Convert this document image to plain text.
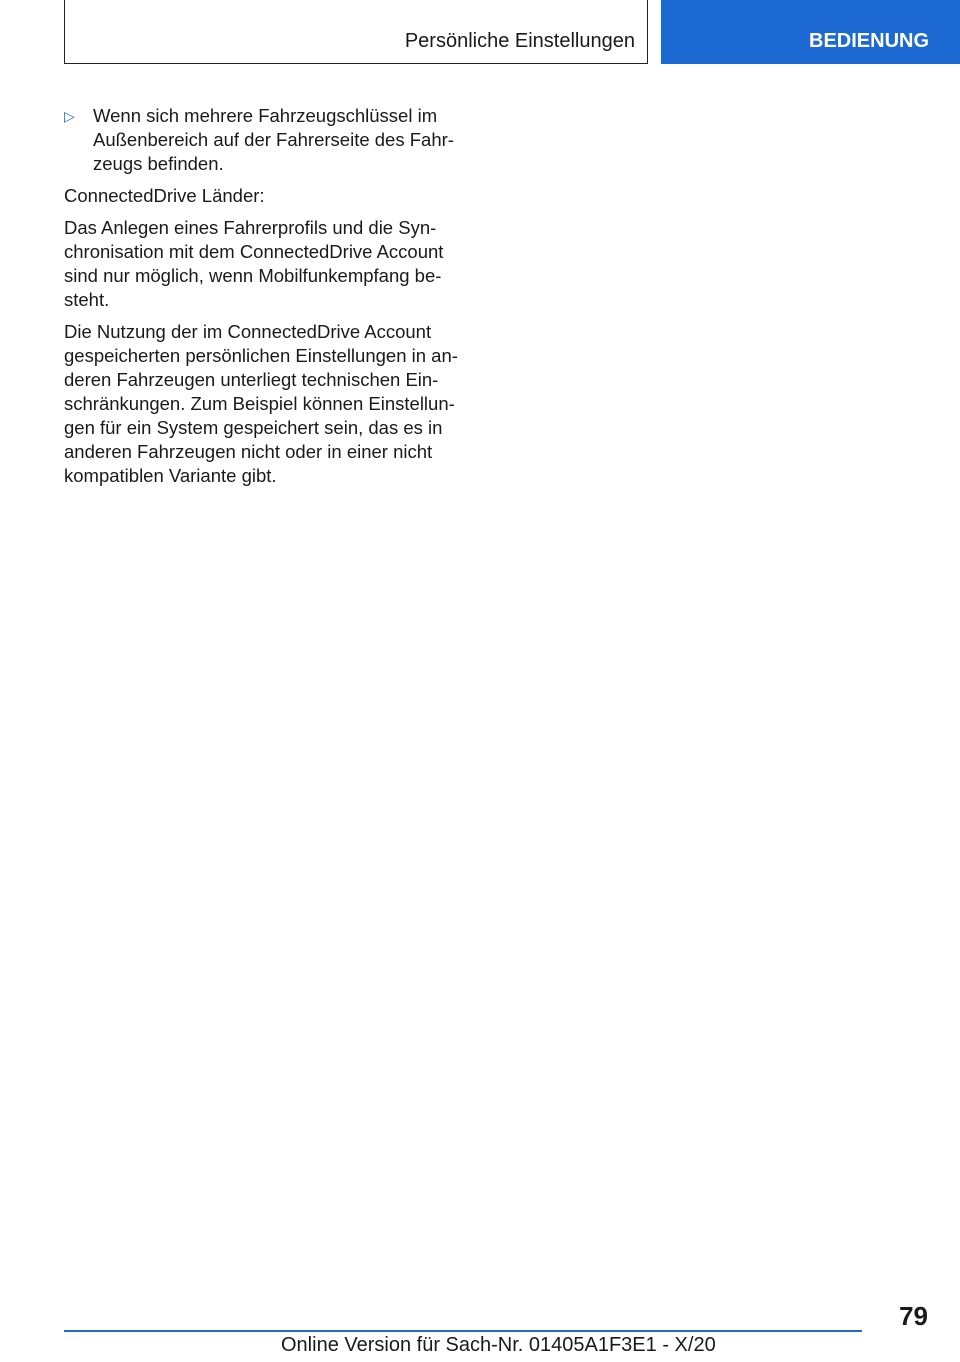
Persönliche Einstellungen	BEDIENUNG
▷ Wenn sich mehrere Fahrzeugschlüssel im
Außenbereich auf der Fahrerseite des Fahr-
zeugs befinden.
ConnectedDrive Länder:
Das Anlegen eines Fahrerprofils und die Syn-
chronisation mit dem ConnectedDrive Account
sind nur möglich, wenn Mobilfunkempfang be-
steht.
Die Nutzung der im ConnectedDrive Account
gespeicherten persönlichen Einstellungen in an-
deren Fahrzeugen unterliegt technischen Ein-
schränkungen. Zum Beispiel können Einstellun-
gen für ein System gespeichert sein, das es in
anderen Fahrzeugen nicht oder in einer nicht
kompatiblen Variante gibt.
79
Online Version für Sach-Nr. 01405A1F3E1 - X/20
